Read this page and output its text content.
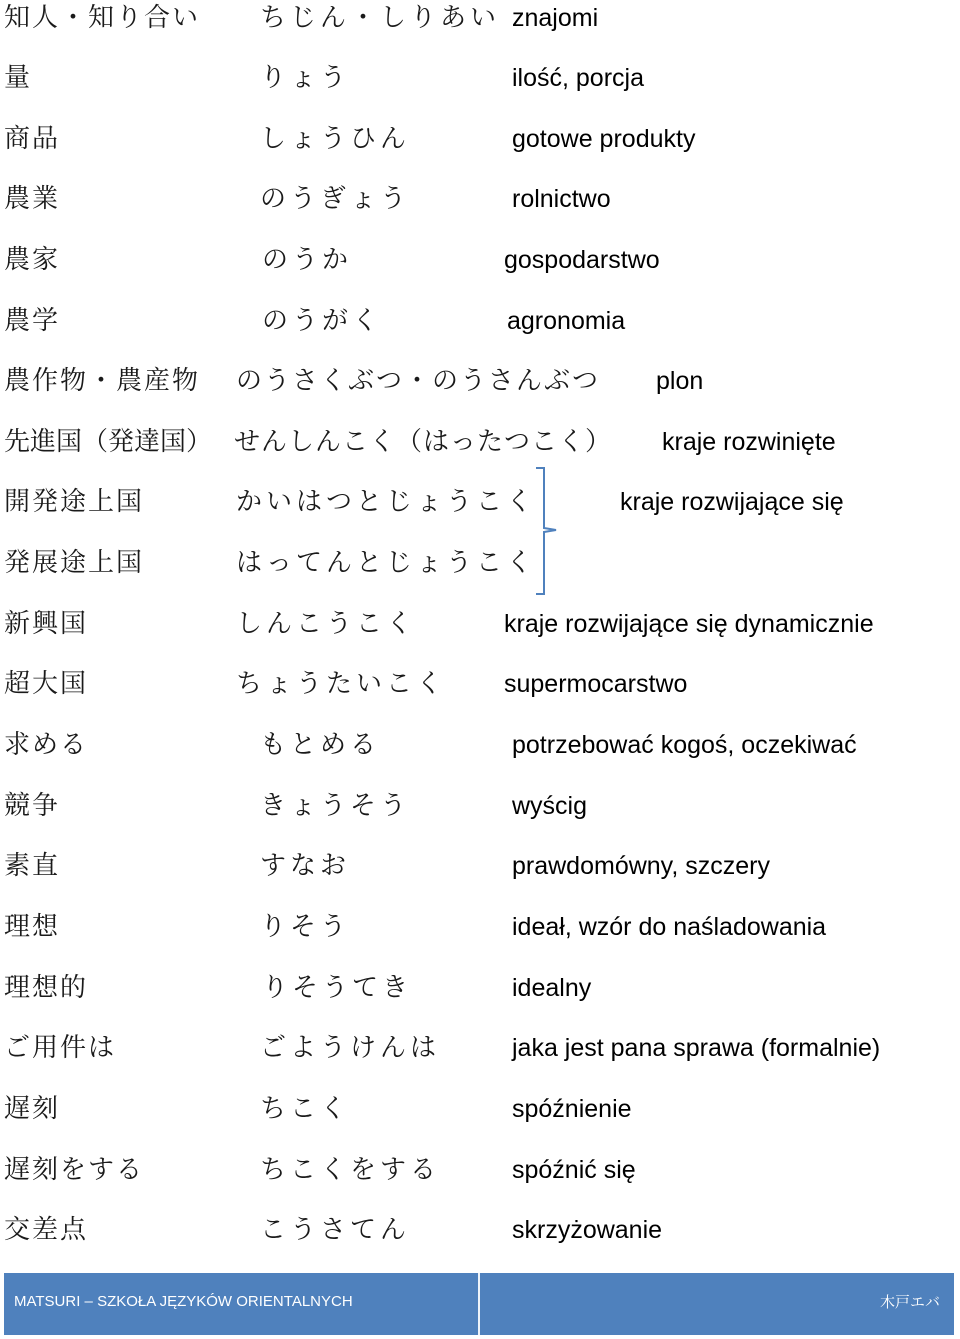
知人・知り合い ちじん・しりあい znajomi
量	りょう	ilość, porcja
商品	しょうひん	gotowe produkty
農業	のうぎょう	rolnictwo
農家	のうか	gospodarstwo
農学	のうがく	agronomia
農作物・農産物 のうさくぶつ・のうさんぶつ plon
先進国（発達国） せんしんこく（はったつこく） kraje rozwinięte
開発途上国	かいはつとじょうこく	kraje rozwijające się
発展途上国	はってんとじょうこく
新興国	しんこうこく	kraje rozwijające się dynamicznie
超大国	ちょうたいこく supermocarstwo
求める	もとめる	potrzebować kogoś, oczekiwać
競争	きょうそう	wyścig
素直	すなお	prawdomówny, szczery
理想	りそう	ideał, wzór do naśladowania
理想的	りそうてき	idealny
ご用件は	ごようけんは	jaka jest pana sprawa (formalnie)
遅刻	ちこく	spóźnienie
遅刻をする	ちこくをする	spóźnić się
交差点	こうさてん	skrzyżowanie
MATSURI – SZKOŁA JĘZYKÓW ORIENTALNYCH	木戸エバ
